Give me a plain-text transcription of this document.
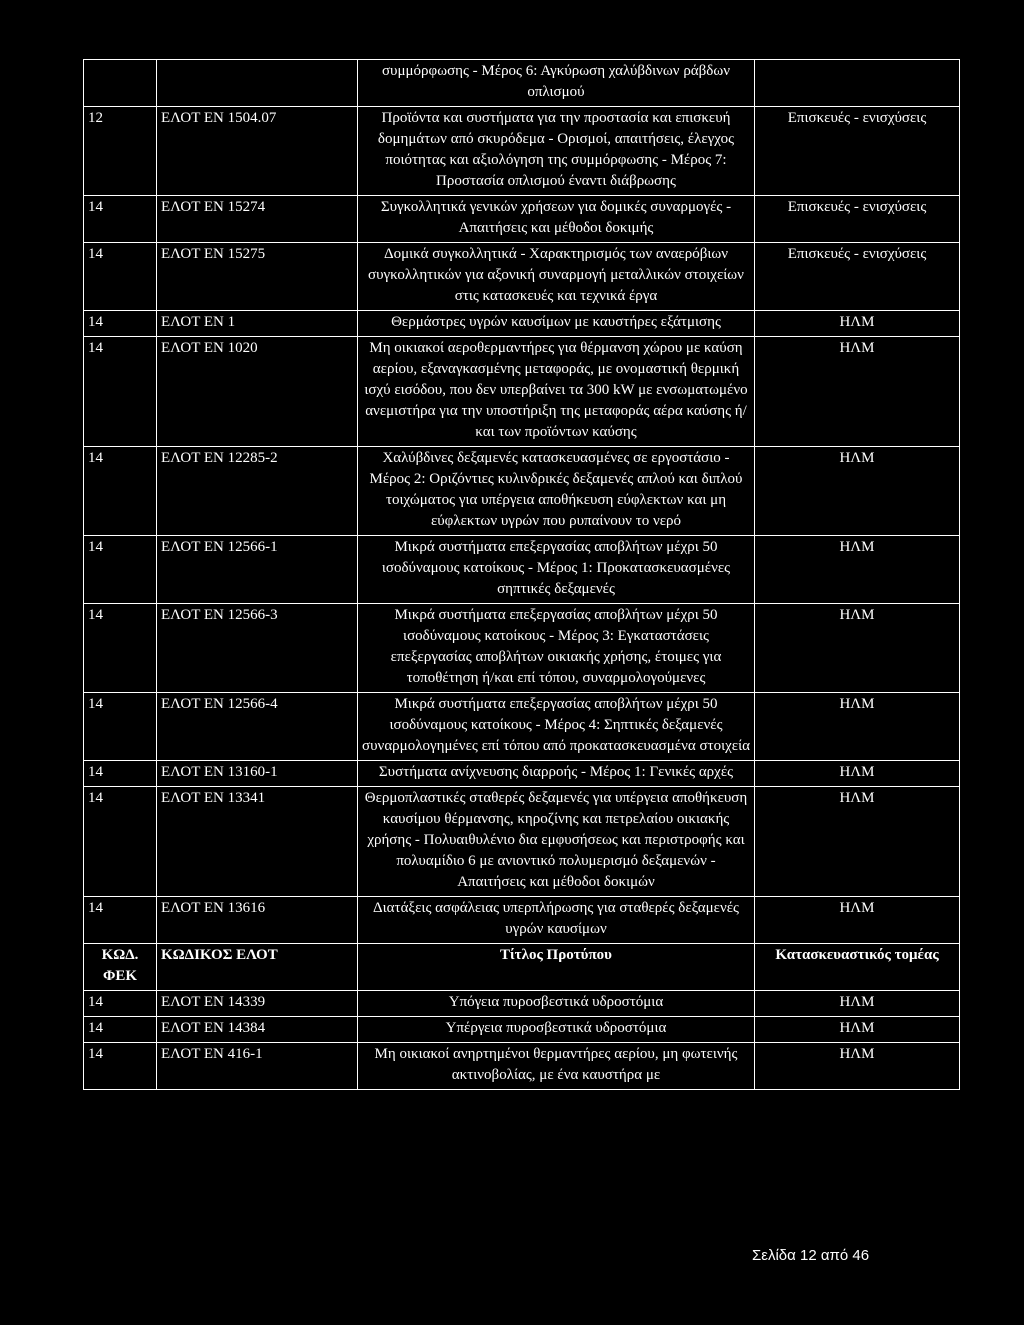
		συμμόρφωσης - Μέρος 6: Αγκύρωση χαλύβδινων ράβδων οπλισμού	
12	ΕΛΟΤ ΕΝ 1504.07	Προϊόντα και συστήματα για την προστασία και επισκευή δομημάτων από σκυρόδεμα - Ορισμοί, απαιτήσεις, έλεγχος ποιότητας και αξιολόγηση της συμμόρφωσης - Μέρος 7: Προστασία οπλισμού έναντι διάβρωσης	Επισκευές - ενισχύσεις
14	ΕΛΟΤ ΕΝ 15274	Συγκολλητικά γενικών χρήσεων για δομικές συναρμογές - Απαιτήσεις και μέθοδοι δοκιμής	Επισκευές - ενισχύσεις
14	ΕΛΟΤ ΕΝ 15275	Δομικά συγκολλητικά - Χαρακτηρισμός των αναερόβιων συγκολλητικών για αξονική συναρμογή μεταλλικών στοιχείων στις κατασκευές και τεχνικά έργα	Επισκευές - ενισχύσεις
14	ΕΛΟΤ ΕΝ 1	Θερμάστρες υγρών καυσίμων με καυστήρες εξάτμισης	ΗΛΜ
14	ΕΛΟΤ ΕΝ 1020	Μη οικιακοί αεροθερμαντήρες για θέρμανση χώρου με καύση αερίου, εξαναγκασμένης μεταφοράς, με ονομαστική θερμική ισχύ εισόδου, που δεν υπερβαίνει τα 300 kW με ενσωματωμένο ανεμιστήρα για την υποστήριξη της μεταφοράς αέρα καύσης ή/και των προϊόντων καύσης	ΗΛΜ
14	ΕΛΟΤ ΕΝ 12285-2	Χαλύβδινες δεξαμενές κατασκευασμένες σε εργοστάσιο - Μέρος 2: Οριζόντιες κυλινδρικές δεξαμενές απλού και διπλού τοιχώματος για υπέργεια αποθήκευση εύφλεκτων και μη εύφλεκτων υγρών που ρυπαίνουν το νερό	ΗΛΜ
14	ΕΛΟΤ ΕΝ 12566-1	Μικρά συστήματα επεξεργασίας αποβλήτων μέχρι 50 ισοδύναμους κατοίκους - Μέρος 1: Προκατασκευασμένες σηπτικές δεξαμενές	ΗΛΜ
14	ΕΛΟΤ ΕΝ 12566-3	Μικρά συστήματα επεξεργασίας αποβλήτων μέχρι 50 ισοδύναμους κατοίκους - Μέρος 3: Εγκαταστάσεις επεξεργασίας αποβλήτων οικιακής χρήσης, έτοιμες για τοποθέτηση ή/και επί τόπου, συναρμολογούμενες	ΗΛΜ
14	ΕΛΟΤ ΕΝ 12566-4	Μικρά συστήματα επεξεργασίας αποβλήτων μέχρι 50 ισοδύναμους κατοίκους - Μέρος 4: Σηπτικές δεξαμενές συναρμολογημένες επί τόπου από προκατασκευασμένα στοιχεία	ΗΛΜ
14	ΕΛΟΤ ΕΝ 13160-1	Συστήματα ανίχνευσης διαρροής - Μέρος 1: Γενικές αρχές	ΗΛΜ
14	ΕΛΟΤ ΕΝ 13341	Θερμοπλαστικές σταθερές δεξαμενές για υπέργεια αποθήκευση καυσίμου θέρμανσης, κηροζίνης και πετρελαίου οικιακής χρήσης - Πολυαιθυλένιο δια εμφυσήσεως και περιστροφής και πολυαμίδιο 6 με ανιοντικό πολυμερισμό δεξαμενών - Απαιτήσεις και μέθοδοι δοκιμών	ΗΛΜ
14	ΕΛΟΤ ΕΝ 13616	Διατάξεις ασφάλειας υπερπλήρωσης για σταθερές δεξαμενές υγρών καυσίμων	ΗΛΜ
ΚΩΔ. ΦΕΚ	ΚΩΔΙΚΟΣ ΕΛΟΤ	Τίτλος Προτύπου	Κατασκευαστικός τομέας
14	ΕΛΟΤ ΕΝ 14339	Υπόγεια πυροσβεστικά υδροστόμια	ΗΛΜ
14	ΕΛΟΤ ΕΝ 14384	Υπέργεια πυροσβεστικά υδροστόμια	ΗΛΜ
14	ΕΛΟΤ ΕΝ 416-1	Μη οικιακοί ανηρτημένοι θερμαντήρες αερίου, μη φωτεινής ακτινοβολίας, με ένα καυστήρα με	ΗΛΜ
Σελίδα 12 από 46
